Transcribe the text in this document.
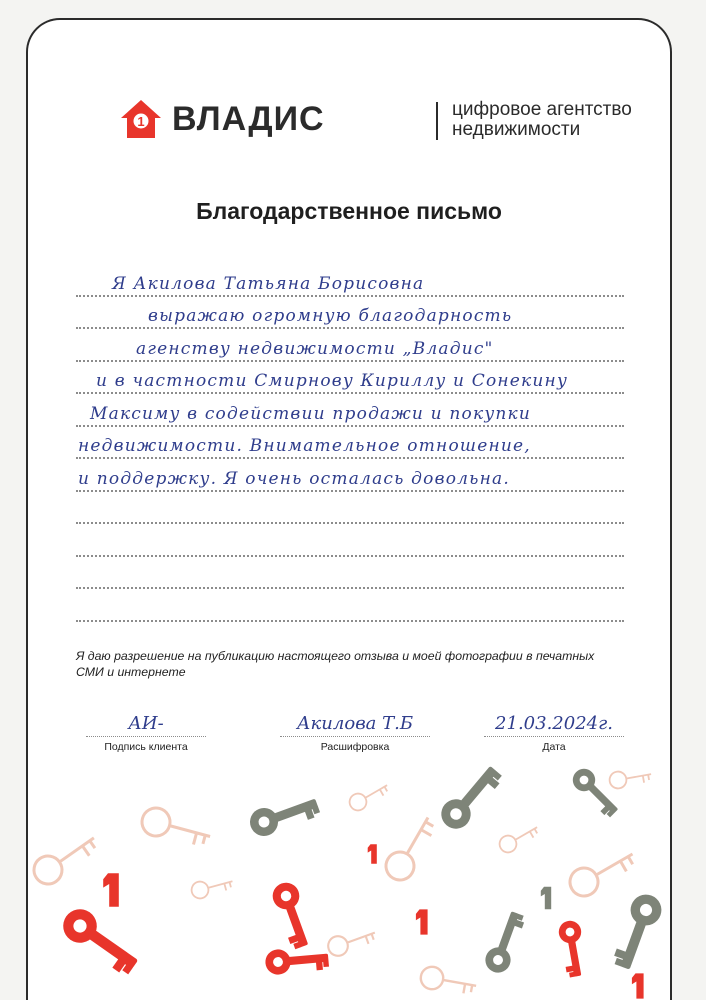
1 ВЛАДИС	цифровое агентство
недвижимости
Благодарственное письмо
Я Акилова Татьяна Борисовна
выражаю огромную благодарность
агенству недвижимости „Владис"
и в частности Смирнову Кириллу и Сонекину
Максиму в содействии продажи и покупки
недвижимости. Внимательное отношение,
и поддержку. Я очень осталась довольна.
Я даю разрешение на публикацию настоящего отзыва и моей фотографии в печатных СМИ и интернете
АИ-
Подпись клиента
Акилова Т.Б
Расшифровка
21.03.2024г.
Дата
